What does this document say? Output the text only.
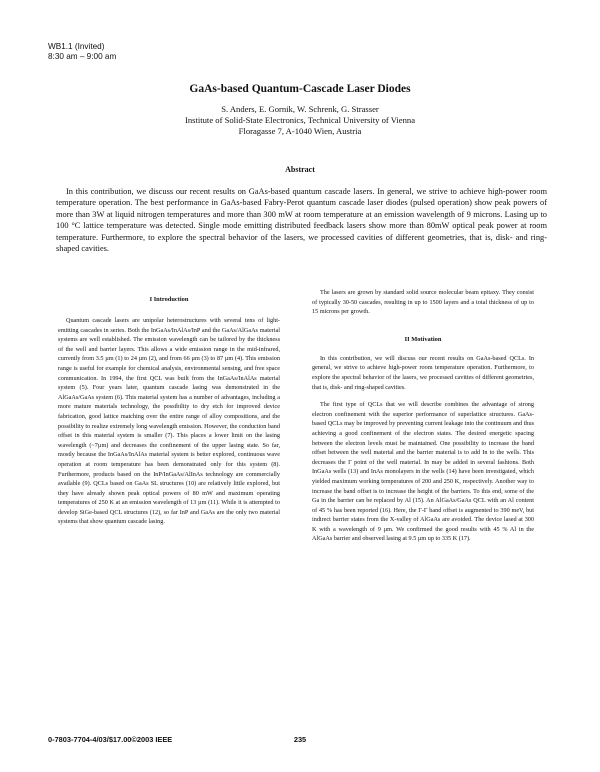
WB1.1 (Invited)
8:30 am – 9:00 am
GaAs-based Quantum-Cascade Laser Diodes
S. Anders, E. Gornik, W. Schrenk, G. Strasser
Institute of Solid-State Electronics, Technical University of Vienna
Floragasse 7, A-1040 Wien, Austria
Abstract
In this contribution, we discuss our recent results on GaAs-based quantum cascade lasers. In general, we strive to achieve high-power room temperature operation. The best performance in GaAs-based Fabry-Perot quantum cascade laser diodes (pulsed operation) show peak powers of more than 3W at liquid nitrogen temperatures and more than 300 mW at room temperature at an emission wavelength of 9 microns. Lasing up to 100 °C lattice temperature was detected. Single mode emitting distributed feedback lasers show more than 80mW optical peak power at room temperature. Furthermore, to explore the spectral behavior of the lasers, we processed cavities of different geometries, that is, disk- and ring-shaped cavities.
I Introduction

Quantum cascade lasers are unipolar heterostructures with several tens of light-emitting cascades in series. Both the InGaAs/InAlAs/InP and the GaAs/AlGaAs material systems are well established. The emission wavelength can be tailored by the thickness of the well and barrier layers. This allows a wide emission range in the mid-infrared, currently from 3.5 µm (1) to 24 µm (2), and from 66 µm (3) to 87 µm (4). This emission range is useful for example for chemical analysis, environmental sensing, and free space communication. In 1994, the first QCL was built from the InGaAs/InAlAs material system (5). Four years later, quantum cascade lasing was demonstrated in the AlGaAs/GaAs system (6). This material system has a number of advantages, including a more mature materials technology, the possibility to dry etch for improved device fabrication, good lattice matching over the entire range of alloy compositions, and the possibility to realize extremely long wavelength emission. However, the conduction band offset in this material system is smaller (7). This places a lower limit on the lasing wavelength (~7µm) and decreases the confinement of the upper lasing state. So far, mostly because the InGaAs/InAlAs material system is better explored, continuous wave operation at room temperature has been demonstrated only for this system (8). Furthermore, products based on the InP/InGaAs/AlInAs technology are commercially available (9). QCLs based on GaAs SL structures (10) are relatively little explored, but they have already shown peak optical powers of 80 mW and maximum operating temperatures of 250 K at an emission wavelength of 13 µm (11). While it is attempted to develop SiGe-based QCL structures (12), so far InP and GaAs are the only two material systems that show quantum cascade lasing.

The lasers are grown by standard solid source molecular beam epitaxy. They consist of typically 30-50 cascades, resulting in up to 1500 layers and a total thickness of up to 15 microns per growth.

II Motivation

In this contribution, we will discuss our recent results on GaAs-based QCLs. In general, we strive to achieve high-power room temperature operation. Furthermore, to explore the spectral behavior of the lasers, we processed cavities of different geometries, that is, disk- and ring-shaped cavities.

The first type of QCLs that we will describe combines the advantage of strong electron confinement with the superior performance of superlattice structures. GaAs-based QCLs may be improved by preventing current leakage into the continuum and thus achieving a good confinement of the electron states. The desired energetic spacing between the electron levels must be maintained. One possibility to increase the band offset between the well material and the barrier material is to add In to the wells. This decreases the Γ point of the well material. In may be added in several fashions. Both InGaAs wells (13) and InAs monolayers in the wells (14) have been investigated, which yielded maximum working temperatures of 200 and 250 K, respectively. Another way to increase the band offset is to increase the height of the barriers. To this end, some of the Ga in the barrier can be replaced by Al (15). An AlGaAs/GaAs QCL with an Al content of 45 % has been reported (16). Here, the Γ-Γ band offset is augmented to 390 meV, but indirect barrier states from the X-valley of AlGaAs are avoided. The device lased at 300 K with a wavelength of 9 µm. We confirmed the good results with 45 % Al in the AlGaAs barrier and observed lasing at 9.5 µm up to 335 K (17).

0-7803-7704-4/03/$17.00©2003 IEEE	235
